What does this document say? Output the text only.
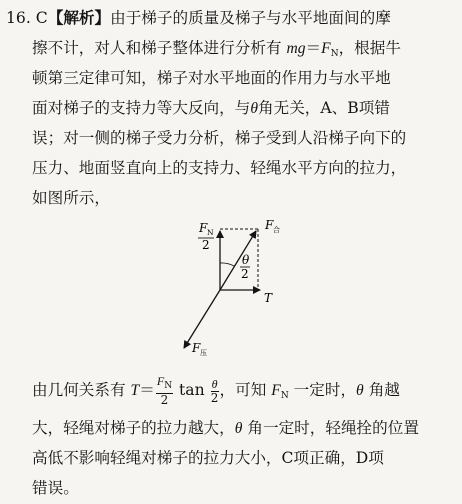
16. C【解析】由于梯子的质量及梯子与水平地面间的摩
擦不计，对人和梯子整体进行分析有 $mg=F_N$，根据牛
顿第三定律可知，梯子对水平地面的作用力与水平地
面对梯子的支持力等大反向，与θ角无关，A、B项错
误；对一侧的梯子受力分析，梯子受到人沿梯子向下的
压力、地面竖直向上的支持力、轻绳水平方向的拉力，
如图所示，
F N
2
F 合
θ
2
T
F 压
由几何关系有 $T= \frac{F_N}{2}$ $\tan \frac{\theta}{2}$ ，可知 $F_N$ 一定时，θ 角越
大，轻绳对梯子的拉力越大，θ 角一定时，轻绳拴的位置
高低不影响轻绳对梯子的拉力大小，C项正确，D项
错误。
